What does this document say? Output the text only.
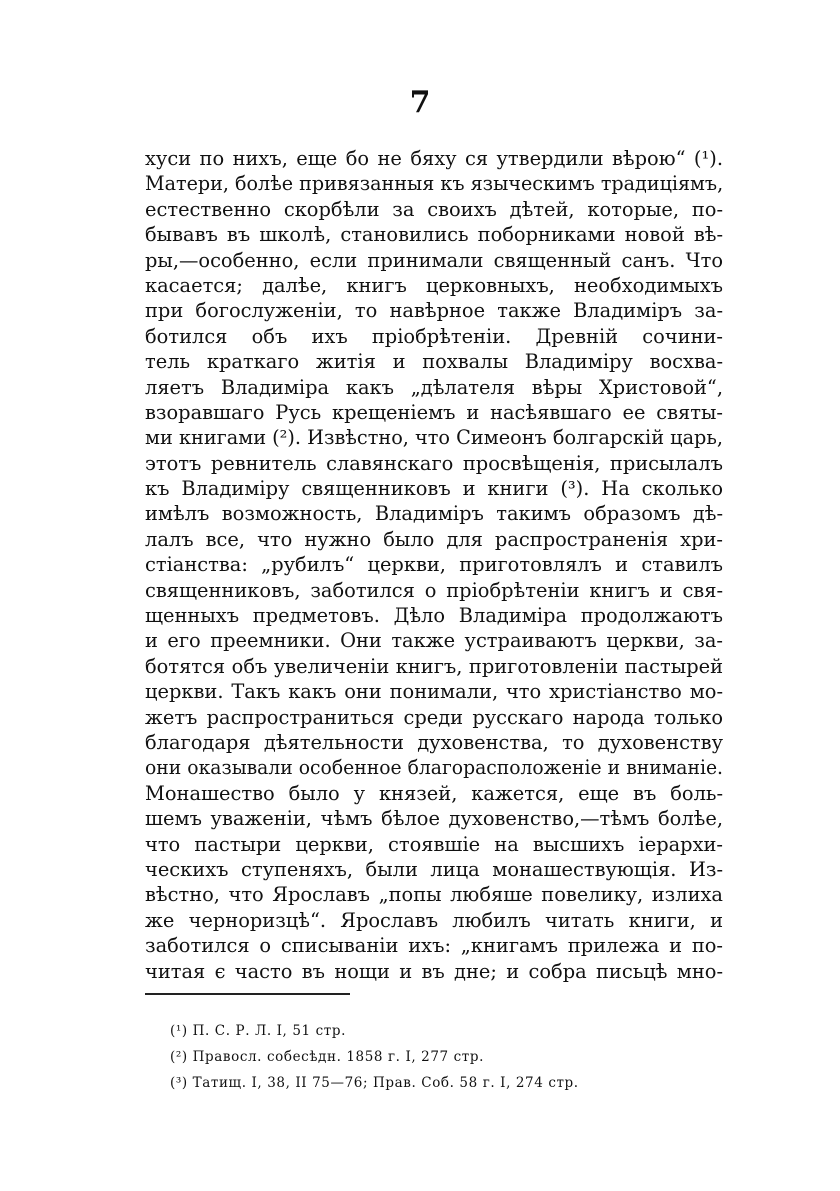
7
хуси по нихъ, еще бо не бяху ся утвердили вѣрою“ (¹).
Матери, болѣе привязанныя къ языческимъ традиціямъ,
естественно скорбѣли за своихъ дѣтей, которые, по-
бывавъ въ школѣ, становились поборниками новой вѣ-
ры,—особенно, если принимали священный санъ. Что
касается; далѣе, книгъ церковныхъ, необходимыхъ
при богослуженіи, то навѣрное также Владиміръ за-
ботился объ ихъ пріобрѣтеніи. Древній сочини-
тель краткаго житія и похвалы Владиміру восхва-
ляетъ Владиміра какъ „дѣлателя вѣры Христовой“,
взоравшаго Русь крещеніемъ и насѣявшаго ее святы-
ми книгами (²). Извѣстно, что Симеонъ болгарскій царь,
этотъ ревнитель славянскаго просвѣщенія, присылалъ
къ Владиміру священниковъ и книги (³). На сколько
имѣлъ возможность, Владиміръ такимъ образомъ дѣ-
лалъ все, что нужно было для распространенія хри-
стіанства: „рубилъ“ церкви, приготовлялъ и ставилъ
священниковъ, заботился о пріобрѣтеніи книгъ и свя-
щенныхъ предметовъ. Дѣло Владиміра продолжаютъ
и его преемники. Они также устраиваютъ церкви, за-
ботятся объ увеличеніи книгъ, приготовленіи пастырей
церкви. Такъ какъ они понимали, что христіанство мо-
жетъ распространиться среди русскаго народа только
благодаря дѣятельности духовенства, то духовенству
они оказывали особенное благорасположеніе и вниманіе.
Монашество было у князей, кажется, еще въ боль-
шемъ уваженіи, чѣмъ бѣлое духовенство,—тѣмъ болѣе,
что пастыри церкви, стоявшіе на высшихъ іерархи-
ческихъ ступеняхъ, были лица монашествующія. Из-
вѣстно, что Ярославъ „попы любяше повелику, излиха
же черноризцѣ“. Ярославъ любилъ читать книги, и
заботился о списываніи ихъ: „книгамъ прилежа и по-
читая є часто въ нощи и въ дне; и собра письцѣ мно-
(¹) П. С. Р. Л. I, 51 стр.
(²) Правосл. собесѣдн. 1858 г. I, 277 стр.
(³) Татищ. I, 38, II 75—76; Прав. Соб. 58 г. I, 274 стр.
